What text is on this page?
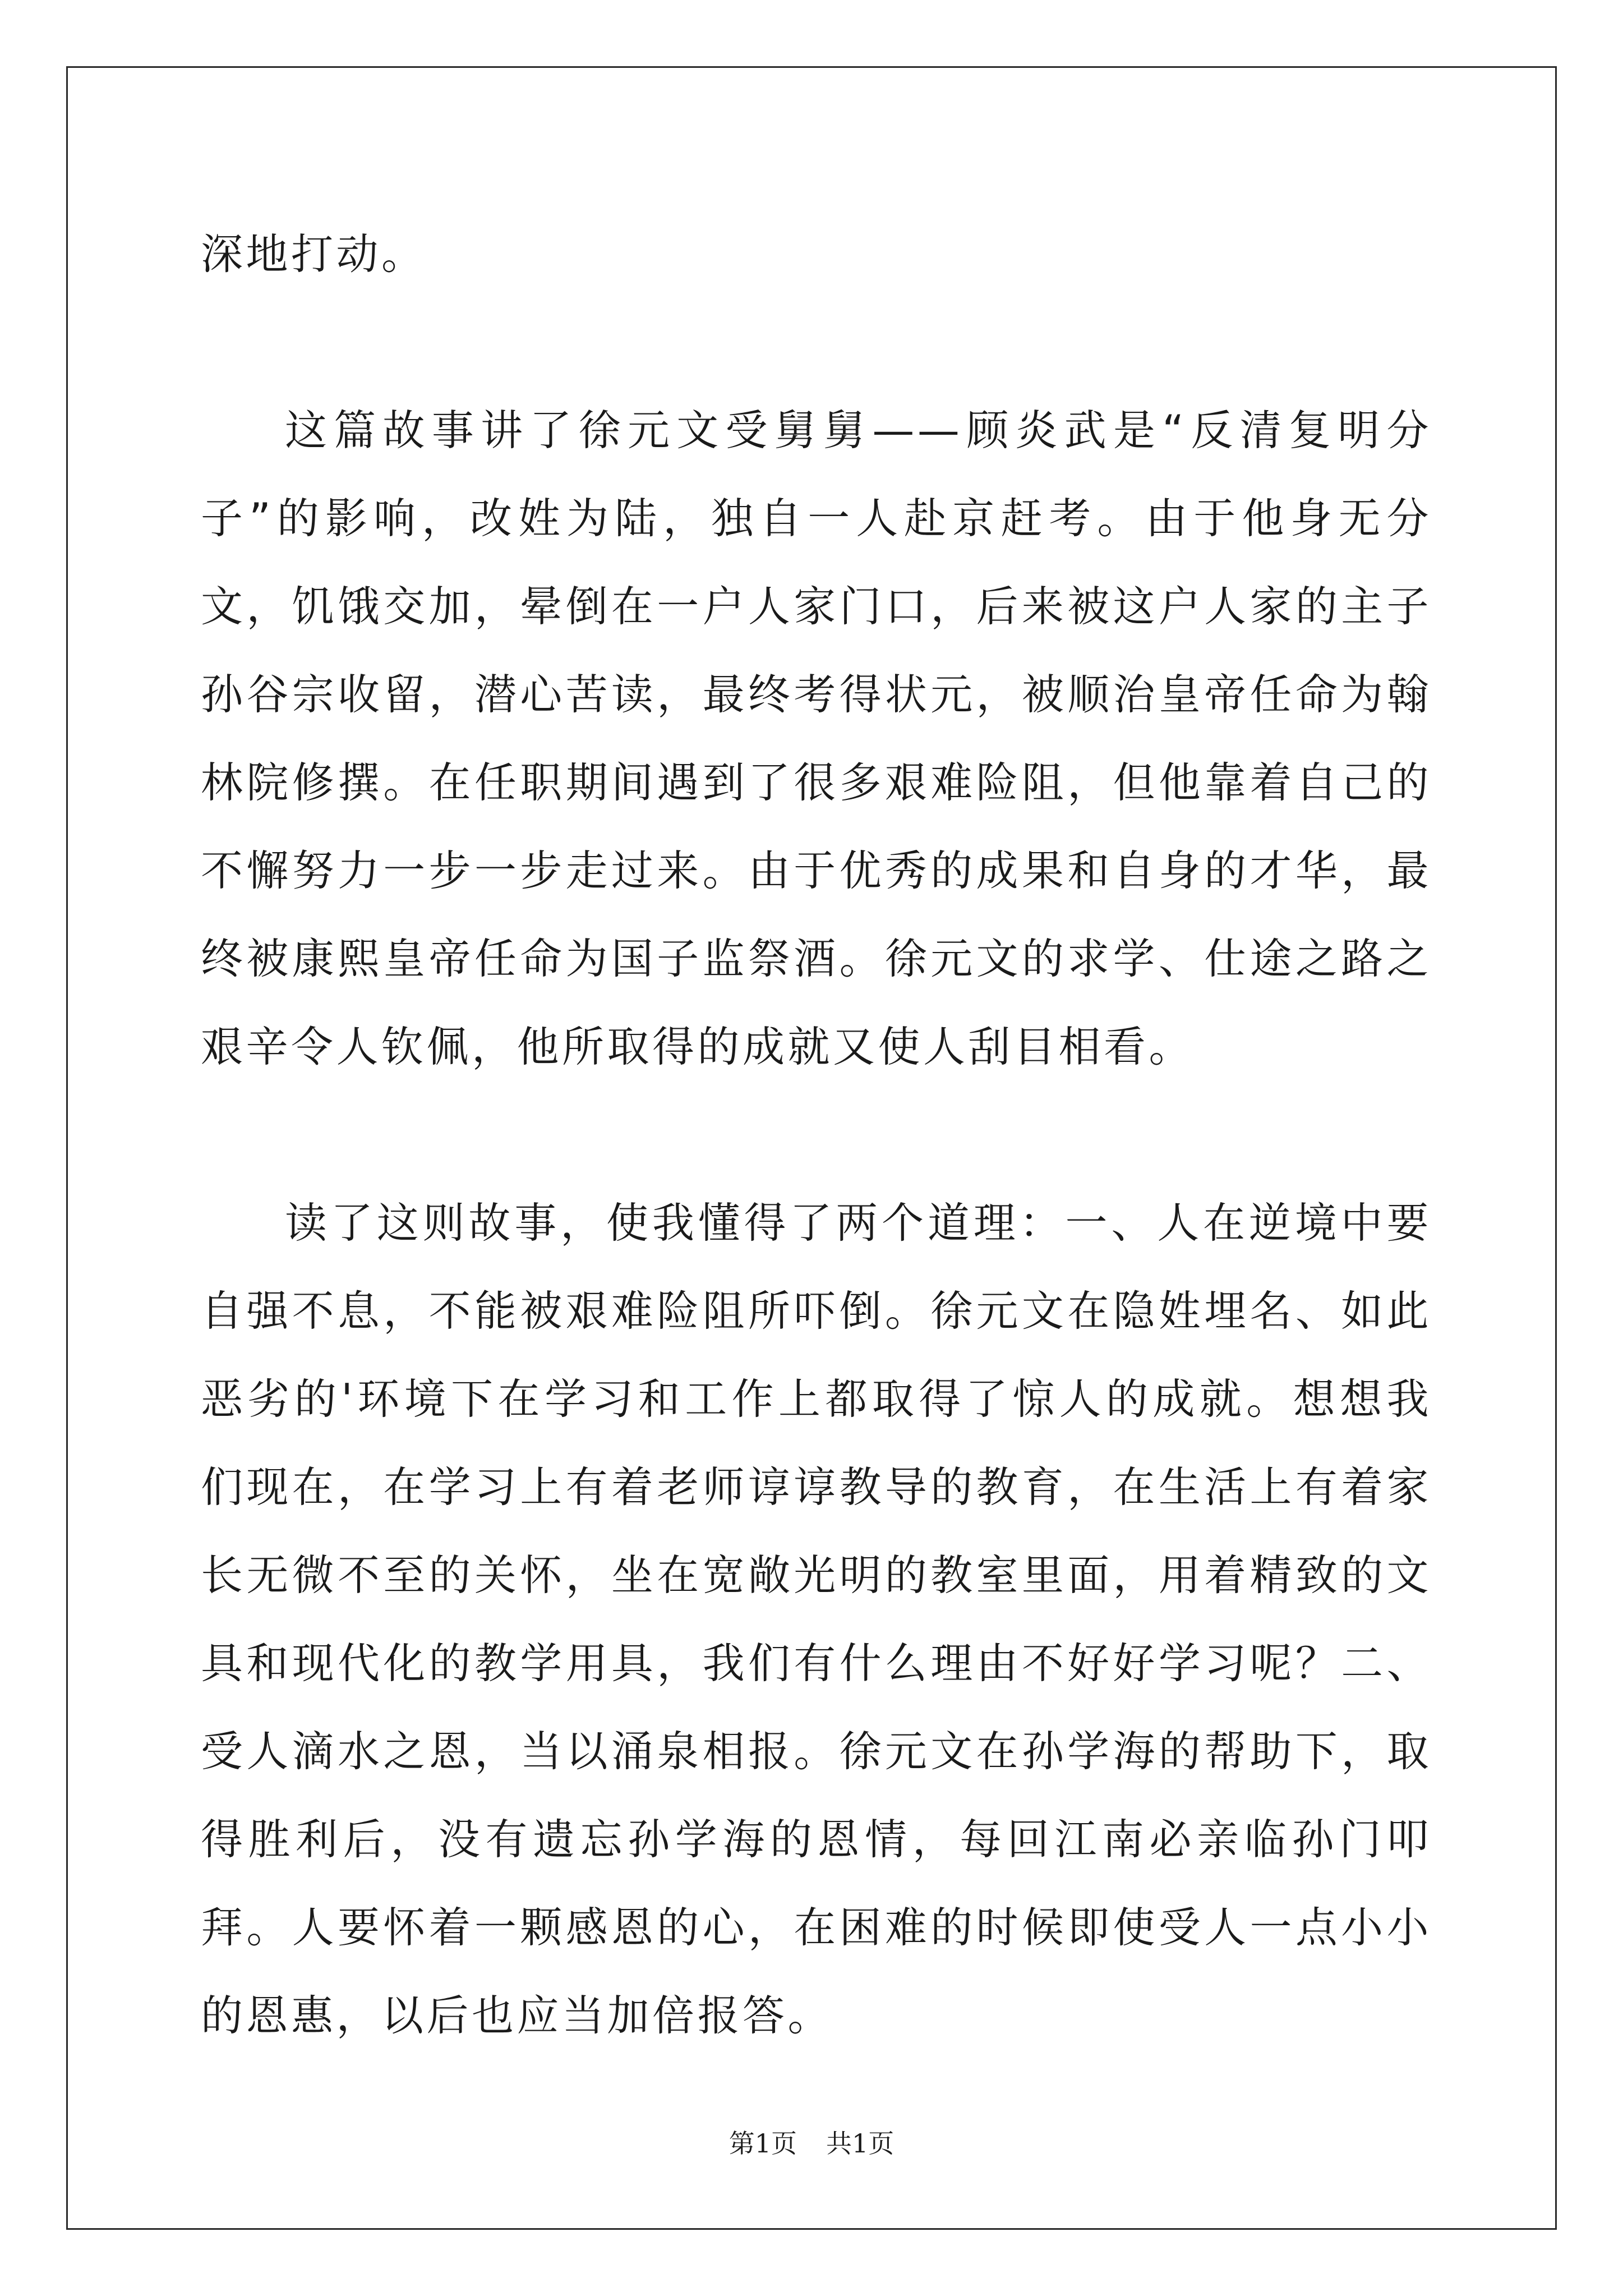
深地打动。

这篇故事讲了徐元文受舅舅——顾炎武是“反清复明分子”的影响，改姓为陆，独自一人赴京赶考。由于他身无分文，饥饿交加，晕倒在一户人家门口，后来被这户人家的主子孙谷宗收留，潜心苦读，最终考得状元，被顺治皇帝任命为翰林院修撰。在任职期间遇到了很多艰难险阻，但他靠着自己的不懈努力一步一步走过来。由于优秀的成果和自身的才华，最终被康熙皇帝任命为国子监祭酒。徐元文的求学、仕途之路之艰辛令人钦佩，他所取得的成就又使人刮目相看。

读了这则故事，使我懂得了两个道理：一、人在逆境中要自强不息，不能被艰难险阻所吓倒。徐元文在隐姓埋名、如此恶劣的'环境下在学习和工作上都取得了惊人的成就。想想我们现在，在学习上有着老师谆谆教导的教育，在生活上有着家长无微不至的关怀，坐在宽敞光明的教室里面，用着精致的文具和现代化的教学用具，我们有什么理由不好好学习呢？二、受人滴水之恩，当以涌泉相报。徐元文在孙学海的帮助下，取得胜利后，没有遗忘孙学海的恩情，每回江南必亲临孙门叩拜。人要怀着一颗感恩的心，在困难的时候即使受人一点小小的恩惠，以后也应当加倍报答。

第1页 共1页
